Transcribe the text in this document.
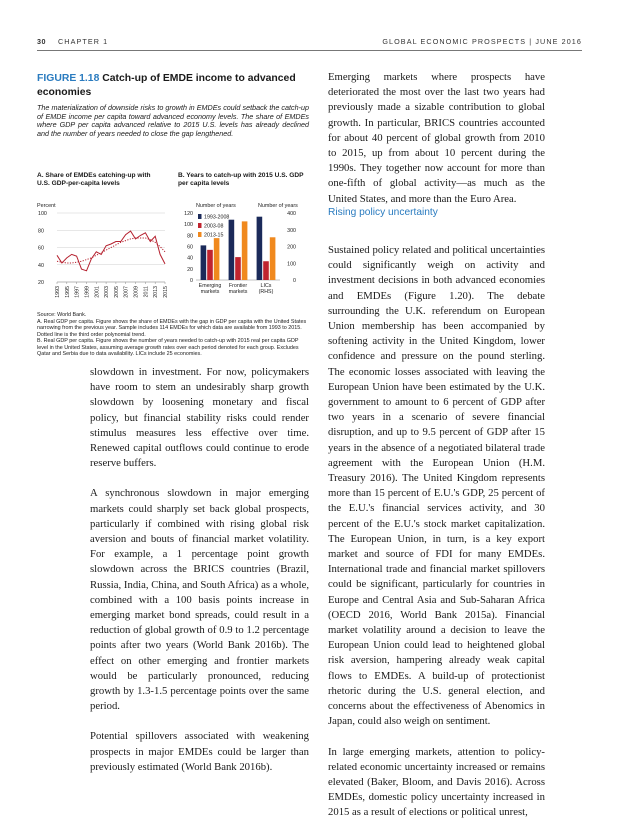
30 CHAPTER 1	GLOBAL ECONOMIC PROSPECTS | JUNE 2016
FIGURE 1.18 Catch-up of EMDE income to advanced economies
The materialization of downside risks to growth in EMDEs could setback the catch-up of EMDE income per capita toward advanced economy levels. The share of EMDEs where GDP per capita advanced relative to 2015 U.S. levels has already declined and the number of years needed to close the gap lengthened.
A. Share of EMDEs catching-up with U.S. GDP-per-capita levels
B. Years to catch-up with 2015 U.S. GDP per capita levels
Percent
20
40
60
80
100
1993 1995 1997 1999 2001 2003 2005 2007 2009 2011 2013 2015
Number of years	Number of years
0
20
40
60
80
100
120
0
100
200
300
400
Emerging
markets
Frontier
markets
LICs
(RHS)
1993-2008
2003-08
2013-15

Source: World Bank.

A. Real GDP per capita. Figure shows the share of EMDEs with the gap in GDP per capita with the United States narrowing from the previous year. Sample includes 114 EMDEs for which data are available from 1993 to 2015. Dotted line is the third order polynomial trend.

B. Real GDP per capita. Figure shows the number of years needed to catch-up with 2015 real per capita GDP level in the United States, assuming average growth rates over each period denoted for each group. Excludes Qatar and Serbia due to data availability. LICs include 25 economies.

slowdown in investment. For now, policymakers have room to stem an undesirably sharp growth slowdown by loosening monetary and fiscal policy, but financial stability risks could render stimulus measures less effective over time. Renewed capital outflows could continue to erode reserve buffers.

A synchronous slowdown in major emerging markets could sharply set back global prospects, particularly if combined with rising global risk aversion and bouts of financial market volatility. For example, a 1 percentage point growth slowdown across the BRICS countries (Brazil, Russia, India, China, and South Africa) as a whole, combined with a 100 basis points increase in emerging market bond spreads, could result in a reduction of global growth of 0.9 to 1.2 percentage points after two years (World Bank 2016b). The effect on other emerging and frontier markets would be particularly pronounced, reducing growth by 1.3-1.5 percentage points over the same period.

Potential spillovers associated with weakening prospects in major EMDEs could be larger than previously estimated (World Bank 2016b).

Emerging markets where prospects have deteriorated the most over the last two years had previously made a sizable contribution to global growth. In particular, BRICS countries accounted for about 40 percent of global growth from 2010 to 2015, up from about 10 percent during the 1990s. They together now account for more than one-fifth of global activity—as much as the United States, and more than the Euro Area.

Rising policy uncertainty

Sustained policy related and political uncertainties could significantly weigh on activity and investment decisions in both advanced economies and EMDEs (Figure 1.20). The debate surrounding the U.K. referendum on European Union membership has been accompanied by softening activity in the United Kingdom, lower confidence and pressure on the pound sterling. The economic losses associated with leaving the European Union have been estimated by the U.K. government to amount to 6 percent of GDP after two years in a scenario of severe financial disruption, and up to 9.5 percent of GDP after 15 years in the absence of a negotiated bilateral trade agreement with the European Union (H.M. Treasury 2016). The United Kingdom represents more than 15 percent of E.U.'s GDP, 25 percent of the E.U.'s financial services activity, and 30 percent of the E.U.'s stock market capitalization. The European Union, in turn, is a key export market and source of FDI for many EMDEs. International trade and financial market spillovers could be significant, particularly for countries in Europe and Central Asia and Sub-Saharan Africa (OECD 2016, World Bank 2015a). Financial market volatility around a decision to leave the European Union could lead to heightened global risk aversion, hampering already weak capital flows to EMDEs. A build-up of protectionist rhetoric during the U.S. general election, and concerns about the effectiveness of Abenomics in Japan, could also weigh on sentiment.

In large emerging markets, attention to policy-related economic uncertainty increased or remains elevated (Baker, Bloom, and Davis 2016). Across EMDEs, domestic policy uncertainty increased in 2015 as a result of elections or political unrest,
